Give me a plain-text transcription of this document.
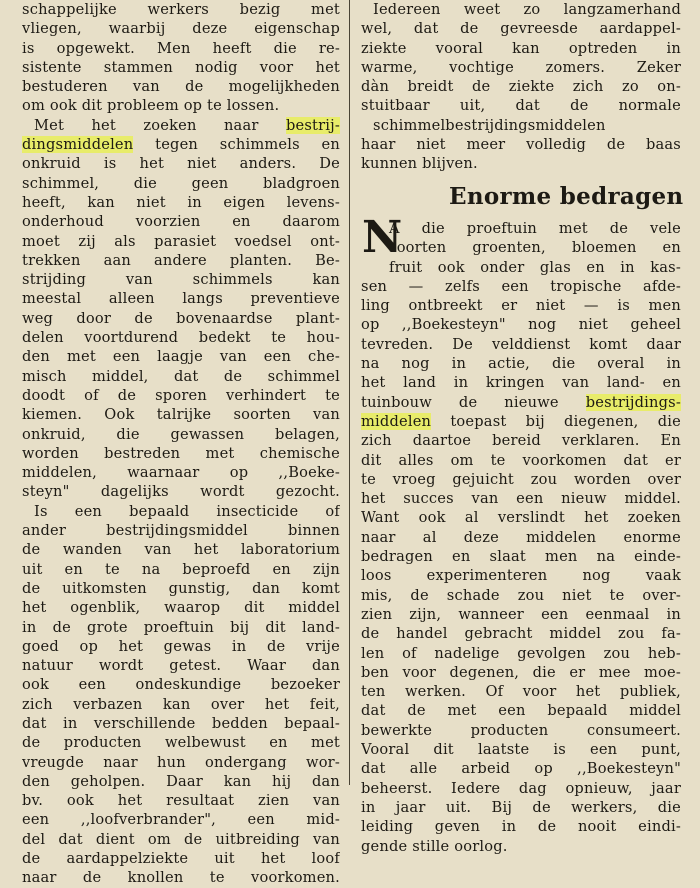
schappelijke werkers bezig met
vliegen, waarbij deze eigenschap
is opgewekt. Men heeft die re-
sistente stammen nodig voor het
bestuderen van de mogelijkheden
om ook dit probleem op te lossen.
Met het zoeken naar bestrij-
dingsmiddelen tegen schimmels en
onkruid is het niet anders. De
schimmel, die geen bladgroen
heeft, kan niet in eigen levens-
onderhoud voorzien en daarom
moet zij als parasiet voedsel ont-
trekken aan andere planten. Be-
strijding van schimmels kan
meestal alleen langs preventieve
weg door de bovenaardse plant-
delen voortdurend bedekt te hou-
den met een laagje van een che-
misch middel, dat de schimmel
doodt of de sporen verhindert te
kiemen. Ook talrijke soorten van
onkruid, die gewassen belagen,
worden bestreden met chemische
middelen, waarnaar op ,,Boeke-
steyn" dagelijks wordt gezocht.
Is een bepaald insecticide of
ander bestrijdingsmiddel binnen
de wanden van het laboratorium
uit en te na beproefd en zijn
de uitkomsten gunstig, dan komt
het ogenblik, waarop dit middel
in de grote proeftuin bij dit land-
goed op het gewas in de vrije
natuur wordt getest. Waar dan
ook een ondeskundige bezoeker
zich verbazen kan over het feit,
dat in verschillende bedden bepaal-
de producten welbewust en met
vreugde naar hun ondergang wor-
den geholpen. Daar kan hij dan
bv. ook het resultaat zien van
een ,,loofverbrander", een mid-
del dat dient om de uitbreiding van
de aardappelziekte uit het loof
naar de knollen te voorkomen.
Enorme bedragen
N
Iedereen weet zo langzamerhand
wel, dat de gevreesde aardappel-
ziekte vooral kan optreden in
warme, vochtige zomers. Zeker
dàn breidt de ziekte zich zo on-
stuitbaar uit, dat de normale
schimmelbestrijdingsmiddelen
haar niet meer volledig de baas
kunnen blijven.
A die proeftuin met de vele
soorten groenten, bloemen en
fruit ook onder glas en in kas-
sen — zelfs een tropische afde-
ling ontbreekt er niet — is men
op ,,Boekesteyn" nog niet geheel
tevreden. De velddienst komt daar
na nog in actie, die overal in
het land in kringen van land- en
tuinbouw de nieuwe bestrijdings-
middelen toepast bij diegenen, die
zich daartoe bereid verklaren. En
dit alles om te voorkomen dat er
te vroeg gejuicht zou worden over
het succes van een nieuw middel.
Want ook al verslindt het zoeken
naar al deze middelen enorme
bedragen en slaat men na einde-
loos experimenteren nog vaak
mis, de schade zou niet te over-
zien zijn, wanneer een eenmaal in
de handel gebracht middel zou fa-
len of nadelige gevolgen zou heb-
ben voor degenen, die er mee moe-
ten werken. Of voor het publiek,
dat de met een bepaald middel
bewerkte producten consumeert.
Vooral dit laatste is een punt,
dat alle arbeid op ,,Boekesteyn"
beheerst. Iedere dag opnieuw, jaar
in jaar uit. Bij de werkers, die
leiding geven in de nooit eindi-
gende stille oorlog.
